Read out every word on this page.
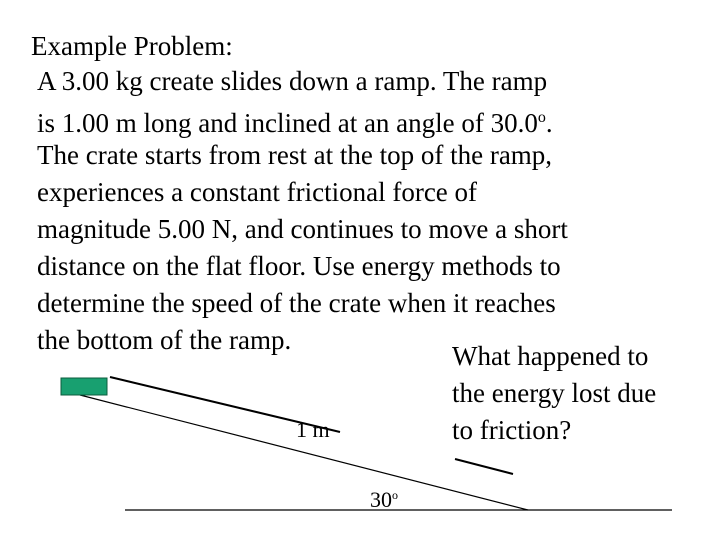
Example Problem:
A 3.00 kg create slides down a ramp. The ramp
is 1.00 m long and inclined at an angle of 30.0$^o$.
The crate starts from rest at the top of the ramp,
experiences a constant frictional force of
magnitude 5.00 N, and continues to move a short
distance on the flat floor. Use energy methods to
determine the speed of the crate when it reaches
the bottom of the ramp.
What happened to
the energy lost due
to friction?
1 m
30$^o$
